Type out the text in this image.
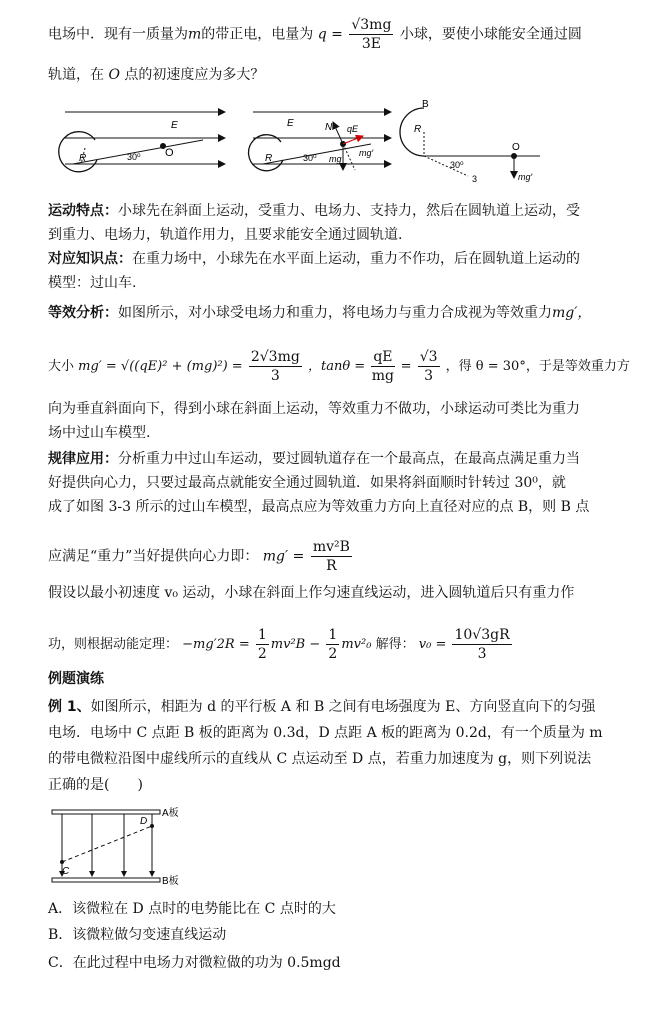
电场中．现有一质量为m的带正电，电量为 $q = \frac{√3mg}{3E}$ 小球，要使小球能安全通过圆
轨道，在 O 点的初速度应为多大？
E
O
R	30⁰
E	N qE
mg′
mg
R	30⁰
B
R
O
30⁰
3	mg′
运动特点：小球先在斜面上运动，受重力、电场力、支持力，然后在圆轨道上运动，受
到重力、电场力，轨道作用力，且要求能安全通过圆轨道.
对应知识点：在重力场中，小球先在水平面上运动，重力不作功，后在圆轨道上运动的
模型：过山车.
等效分析：如图所示，对小球受电场力和重力，将电场力与重力合成视为等效重力mg′，
大小 $mg' = √((qE)^2 + (mg)^2) = \frac{2√3mg}{3}$ ，$\tan\theta = \frac{qE}{mg} = \frac{√3}{3}$ ，得 θ = 30°，于是等效重力方
向为垂直斜面向下，得到小球在斜面上运动，等效重力不做功，小球运动可类比为重力
场中过山车模型.
规律应用：分析重力中过山车运动，要过圆轨道存在一个最高点，在最高点满足重力当
好提供向心力，只要过最高点就能安全通过圆轨道．如果将斜面顺时针转过 30⁰，就
成了如图 3-3 所示的过山车模型，最高点应为等效重力方向上直径对应的点 B，则 B 点
应满足“重力”当好提供向心力即： $mg' = \frac{\text{mv²B}}{R}$
假设以最小初速度 v₀ 运动，小球在斜面上作匀速直线运动，进入圆轨道后只有重力作
功，则根据动能定理： $-mg'2R = \frac{1}{2} mv^2B - \frac{1}{2} mv^2_0$ 解得： $v_0 = \frac{10√3gR}{3}$
例题演练
例 1、如图所示，相距为 d 的平行板 A 和 B 之间有电场强度为 E、方向竖直向下的匀强
电场．电场中 C 点距 B 板的距离为 0.3d，D 点距 A 板的距离为 0.2d，有一个质量为 m
的带电微粒沿图中虚线所示的直线从 C 点运动至 D 点，若重力加速度为 g，则下列说法
正确的是(　　)
A板
B板
C
D
A．该微粒在 D 点时的电势能比在 C 点时的大
B．该微粒做匀变速直线运动
C．在此过程中电场力对微粒做的功为 0.5mgd
